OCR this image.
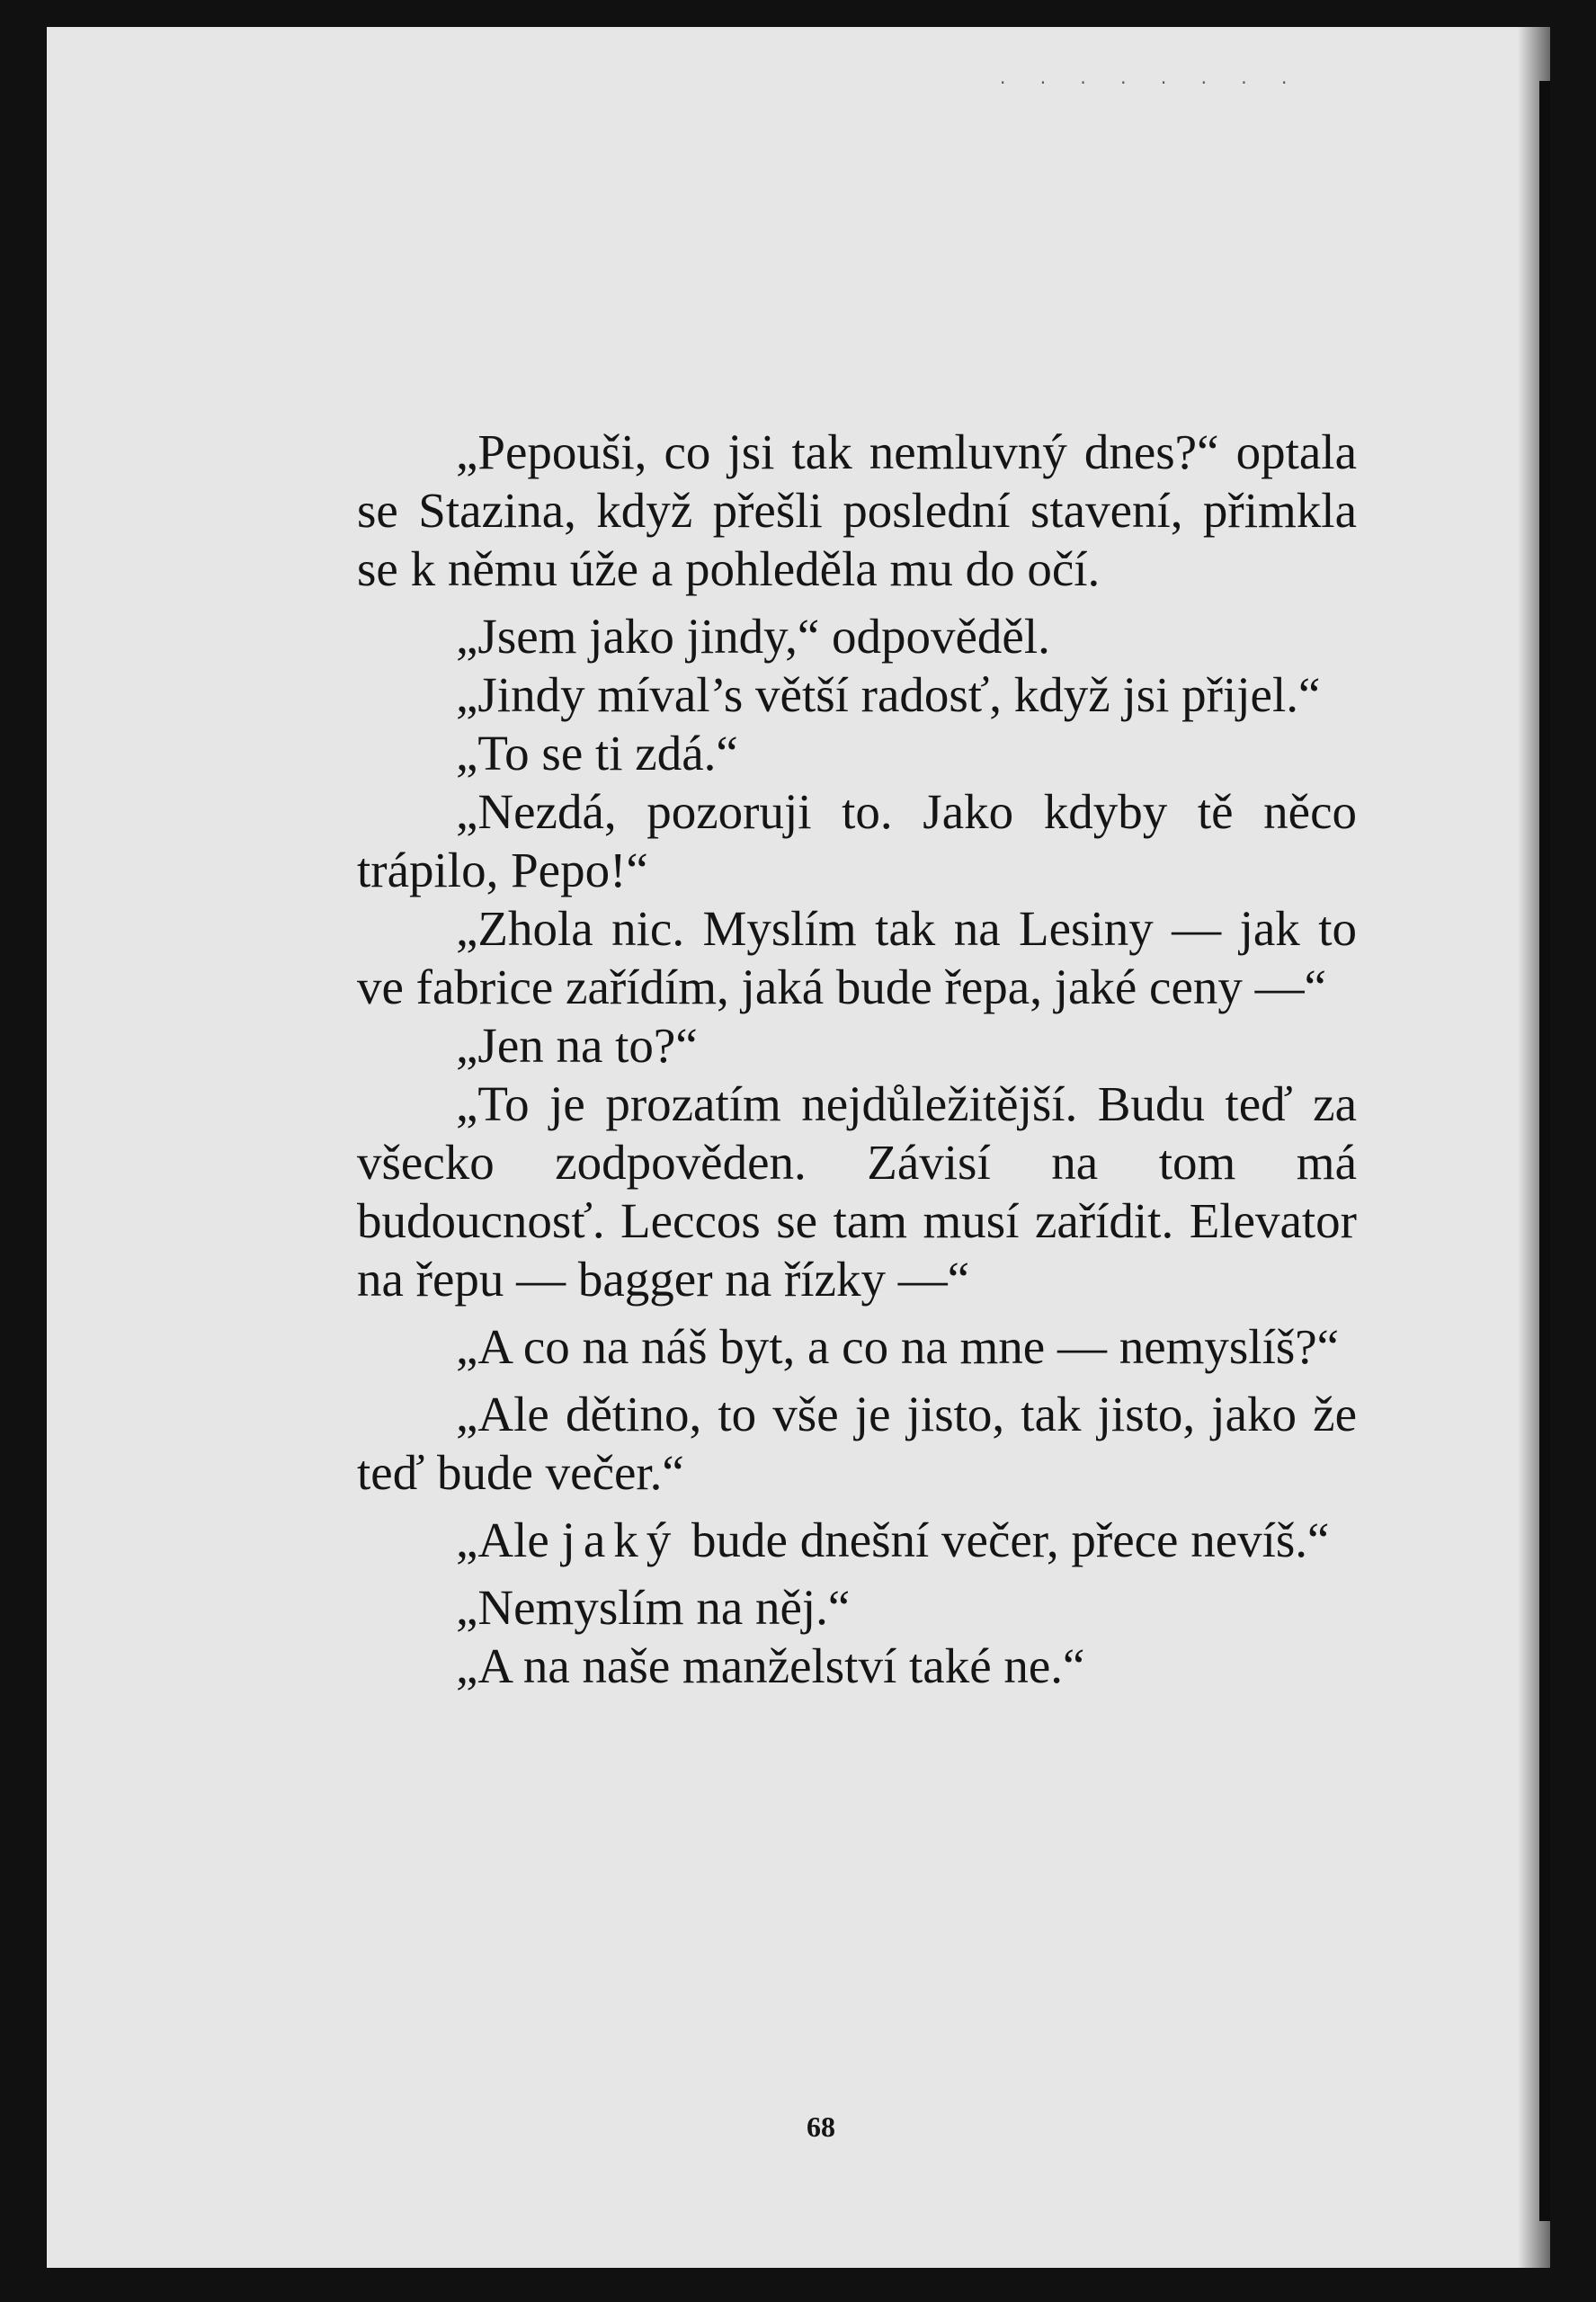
· · · · · · · ·

„Pepouši, co jsi tak nemluvný dnes?“ optala se Stazina, když přešli poslední stavení, přimkla se k němu úže a pohleděla mu do očí.

„Jsem jako jindy,“ odpověděl.

„Jindy míval’s větší radosť, když jsi přijel.“

„To se ti zdá.“

„Nezdá, pozoruji to. Jako kdyby tě něco trápilo, Pepo!“

„Zhola nic. Myslím tak na Lesiny — jak to ve fabrice zařídím, jaká bude řepa, jaké ceny —“

„Jen na to?“

„To je prozatím nejdůležitější. Budu teď za všecko zodpověden. Závisí na tom má budoucnosť. Leccos se tam musí zařídit. Elevator na řepu — bagger na řízky —“

„A co na náš byt, a co na mne — nemyslíš?“

„Ale dětino, to vše je jisto, tak jisto, jako že teď bude večer.“

„Ale jaký bude dnešní večer, přece nevíš.“

„Nemyslím na něj.“

„A na naše manželství také ne.“

68
